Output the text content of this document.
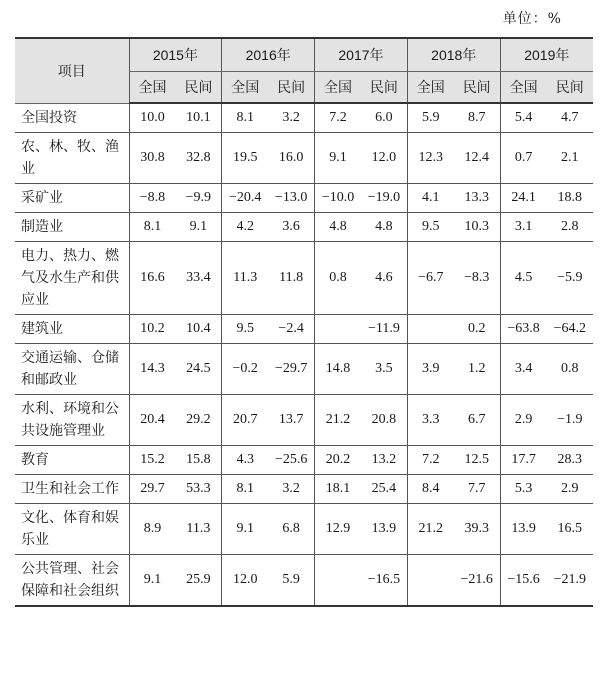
单位：%
项目	2015年		2016年		2017年		2018年		2019年	
	全国	民间	全国	民间	全国	民间	全国	民间	全国	民间
全国投资	10.0	10.1	8.1	3.2	7.2	6.0	5.9	8.7	5.4	4.7
农、林、牧、渔业	30.8	32.8	19.5	16.0	9.1	12.0	12.3	12.4	0.7	2.1
采矿业	−8.8	−9.9	−20.4	−13.0	−10.0	−19.0	4.1	13.3	24.1	18.8
制造业	8.1	9.1	4.2	3.6	4.8	4.8	9.5	10.3	3.1	2.8
电力、热力、燃气及水生产和供应业	16.6	33.4	11.3	11.8	0.8	4.6	−6.7	−8.3	4.5	−5.9
建筑业	10.2	10.4	9.5	−2.4		−11.9		0.2	−63.8	−64.2
交通运输、仓储和邮政业	14.3	24.5	−0.2	−29.7	14.8	3.5	3.9	1.2	3.4	0.8
水利、环境和公共设施管理业	20.4	29.2	20.7	13.7	21.2	20.8	3.3	6.7	2.9	−1.9
教育	15.2	15.8	4.3	−25.6	20.2	13.2	7.2	12.5	17.7	28.3
卫生和社会工作	29.7	53.3	8.1	3.2	18.1	25.4	8.4	7.7	5.3	2.9
文化、体育和娱乐业	8.9	11.3	9.1	6.8	12.9	13.9	21.2	39.3	13.9	16.5
公共管理、社会保障和社会组织	9.1	25.9	12.0	5.9		−16.5		−21.6	−15.6	−21.9
